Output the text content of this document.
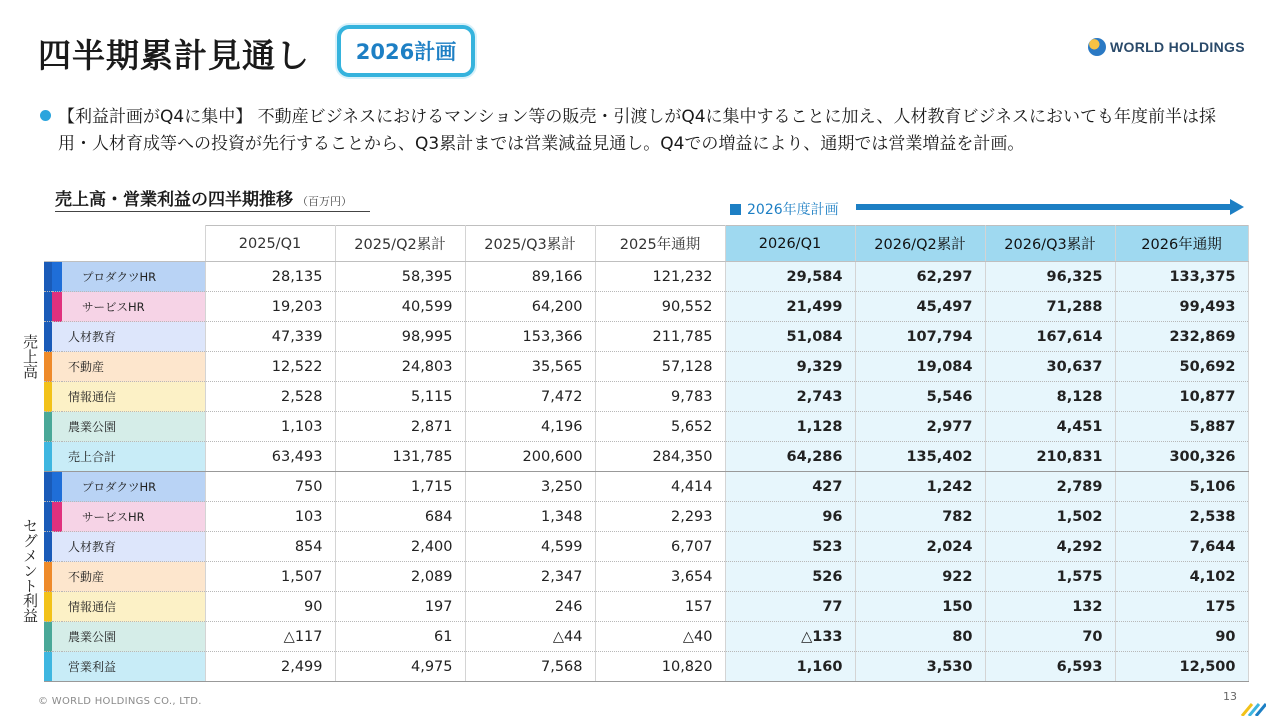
四半期累計見通し	2026計画	WORLD HOLDINGS

【利益計画がQ4に集中】 不動産ビジネスにおけるマンション等の販売・引渡しがQ4に集中することに加え、人材教育ビジネスにおいても年度前半は採用・人材育成等への投資が先行することから、Q3累計までは営業減益見通し。Q4での増益により、通期では営業増益を計画。

売上高・営業利益の四半期推移 （百万円）
2026年度計画
売上高
セグメント利益
			2025/Q1	2025/Q2累計	2025/Q3累計	2025年通期	2026/Q1	2026/Q2累計	2026/Q3累計	2026年通期
		プロダクツHR	28,135	58,395	89,166	121,232	29,584	62,297	96,325	133,375
		サービスHR	19,203	40,599	64,200	90,552	21,499	45,497	71,288	99,493
		人材教育	47,339	98,995	153,366	211,785	51,084	107,794	167,614	232,869
		不動産	12,522	24,803	35,565	57,128	9,329	19,084	30,637	50,692
		情報通信	2,528	5,115	7,472	9,783	2,743	5,546	8,128	10,877
		農業公園	1,103	2,871	4,196	5,652	1,128	2,977	4,451	5,887
		売上合計	63,493	131,785	200,600	284,350	64,286	135,402	210,831	300,326
		プロダクツHR	750	1,715	3,250	4,414	427	1,242	2,789	5,106
		サービスHR	103	684	1,348	2,293	96	782	1,502	2,538
		人材教育	854	2,400	4,599	6,707	523	2,024	4,292	7,644
		不動産	1,507	2,089	2,347	3,654	526	922	1,575	4,102
		情報通信	90	197	246	157	77	150	132	175
		農業公園	△117	61	△44	△40	△133	80	70	90
		営業利益	2,499	4,975	7,568	10,820	1,160	3,530	6,593	12,500
© WORLD HOLDINGS CO., LTD.	13
